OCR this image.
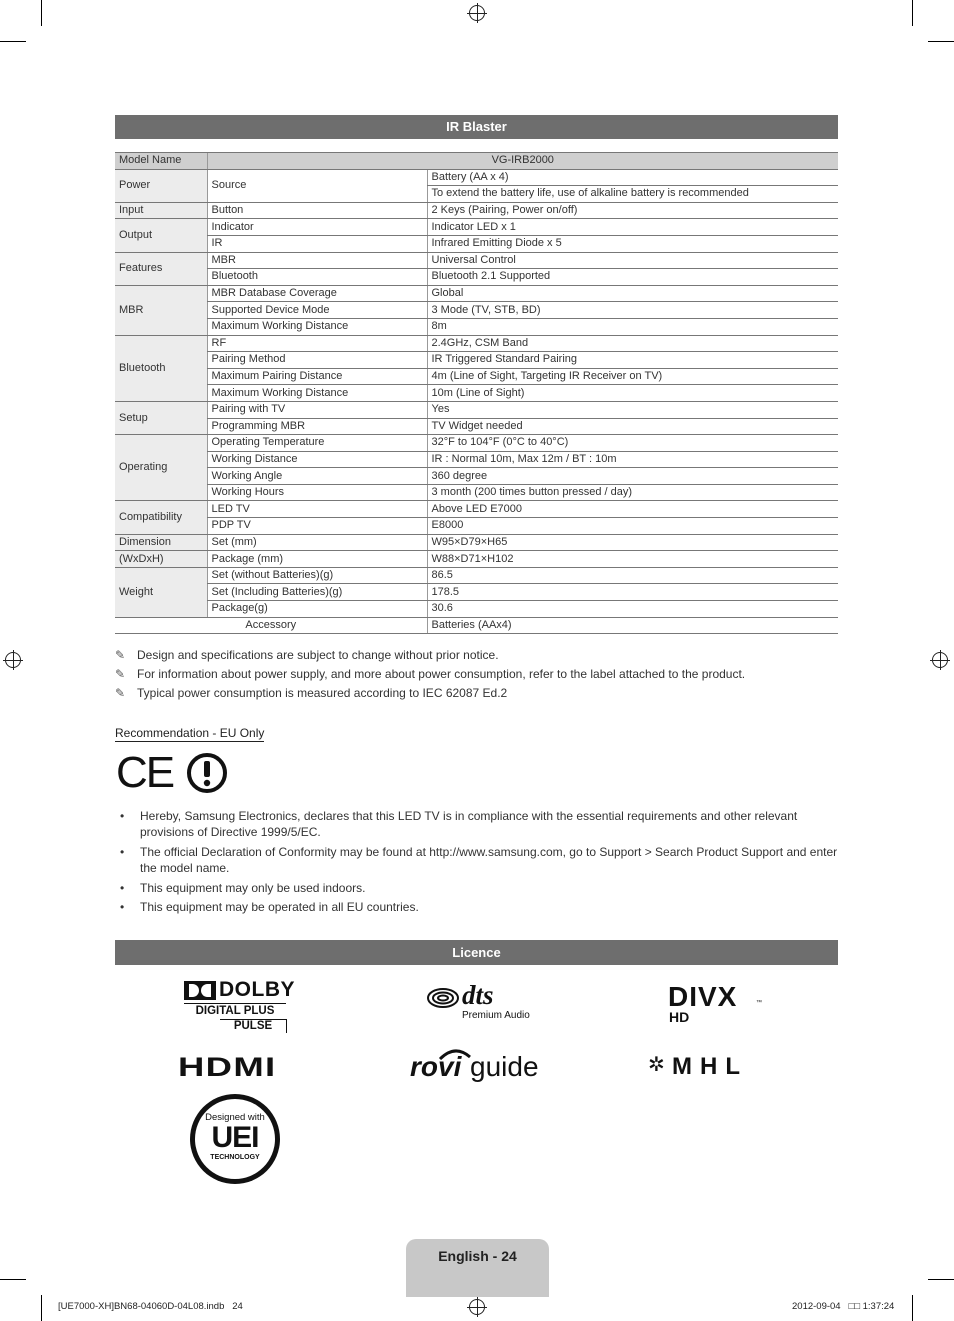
IR Blaster
Model Name	VG-IRB2000	
Power	Source	Battery (AA x 4)
		To extend the battery life, use of alkaline battery is recommended
Input	Button	2 Keys (Pairing, Power on/off)
Output	Indicator	Indicator LED x 1
	IR	Infrared Emitting Diode x 5
Features	MBR	Universal Control
	Bluetooth	Bluetooth 2.1 Supported
MBR	MBR Database Coverage	Global
	Supported Device Mode	3 Mode (TV, STB, BD)
	Maximum Working Distance	8m
Bluetooth	RF	2.4GHz, CSM Band
	Pairing Method	IR Triggered Standard Pairing
	Maximum Pairing Distance	4m (Line of Sight, Targeting IR Receiver on TV)
	Maximum Working Distance	10m (Line of Sight)
Setup	Pairing with TV	Yes
	Programming MBR	TV Widget needed
Operating	Operating Temperature	32°F to 104°F (0°C to 40°C)
	Working Distance	IR : Normal 10m, Max 12m / BT : 10m
	Working Angle	360 degree
	Working Hours	3 month (200 times button pressed / day)
Compatibility	LED TV	Above LED E7000
	PDP TV	E8000
Dimension	Set (mm)	W95×D79×H65
(WxDxH)	Package (mm)	W88×D71×H102
Weight	Set (without Batteries)(g)	86.5
	Set (Including Batteries)(g)	178.5
	Package(g)	30.6
Accessory		Batteries (AAx4)
✎ Design and specifications are subject to change without prior notice.
✎ For information about power supply, and more about power consumption, refer to the label attached to the product.
✎ Typical power consumption is measured according to IEC 62087 Ed.2
Recommendation - EU Only
CE
• Hereby, Samsung Electronics, declares that this LED TV is in compliance with the essential requirements and other relevant provisions of Directive 1999/5/EC.
• The official Declaration of Conformity may be found at http://www.samsung.com, go to Support > Search Product Support and enter the model name.
• This equipment may only be used indoors.
• This equipment may be operated in all EU countries.
Licence
DOLBY
DIGITAL PLUS
PULSE
dts
Premium Audio
DIVX	™
HD
HDMI	rovi guide	✲ MHL
Designed with
UEI
TECHNOLOGY
English - 24
[UE7000-XH]BN68-04060D-04L08.indb   24	2012-09-04   □□ 1:37:24
